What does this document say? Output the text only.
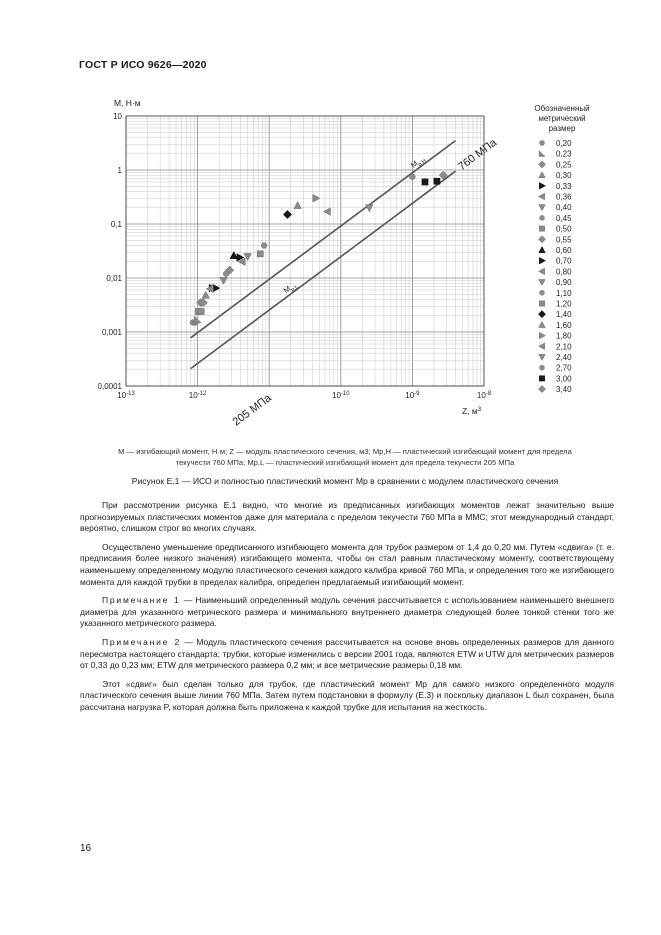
ГОСТ Р ИСО 9626—2020
$M_{p,H}$	760 МПа
$M_{p,L}$
205 МПа
$10^{-13}$	$10^{-12}$	$10^{-10}$	$10^{-9}$	$10^{-8}$
0,0001
0,001
0,01
0,1
1
10
M, Н·м
Z, $м^3$
Обозначенный
метрический
размер
0,20
0,23
0,25
0,30
0,33
0,36
0,40
0,45
0,50
0,55
0,60
0,70
0,80
0,90
1,10
1,20
1,40
1,60
1,80
2,10
2,40
2,70
3,00
3,40
M — изгибающий момент, Н·м; Z — модуль пластического сечения, м3; Mp,H — пластический изгибающий момент для предела
текучести 760 МПа; Mp,L — пластический изгибающий момент для предела текучести 205 МПа
Рисунок Е.1 — ИСО и полностью пластический момент Mp в сравнении с модулем пластического сечения

При рассмотрении рисунка Е.1 видно, что многие из предписанных изгибающих моментов лежат значительно выше прогнозируемых пластических моментов даже для материала с пределом текучести 760 МПа в ММС; этот международный стандарт, вероятно, слишком строг во многих случаях.

Осуществлено уменьшение предписанного изгибающего момента для трубок размером от 1,4 до 0,20 мм. Путем «сдвига» (т. е. предписания более низкого значения) изгибающего момента, чтобы он стал равным пластическому моменту, соответствующему наименьшему определенному модулю пластического сечения каждого калибра кривой 760 МПа, и определения того же изгибающего момента для каждой трубки в пределах калибра, определен предлагаемый изгибающий момент.

Примечание 1 — Наименьший определенный модуль сечения рассчитывается с использованием наименьшего внешнего диаметра для указанного метрического размера и минимального внутреннего диаметра следующей более тонкой стенки того же указанного метрического размера.

Примечание 2 — Модуль пластического сечения рассчитывается на основе вновь определенных размеров для данного пересмотра настоящего стандарта; трубки, которые изменились с версии 2001 года, являются ETW и UTW для метрических размеров от 0,33 до 0,23 мм; ETW для метрического размера 0,2 мм; и все метрические размеры 0,18 мм.

Этот «сдвиг» был сделан только для трубок, где пластический момент Mp для самого низкого определенного модуля пластического сечения выше линии 760 МПа. Затем путем подстановки в формулу (Е.3) и поскольку диапазон L был сохранен, была рассчитана нагрузка P, которая должна быть приложена к каждой трубке для испытания на жесткость.

16
